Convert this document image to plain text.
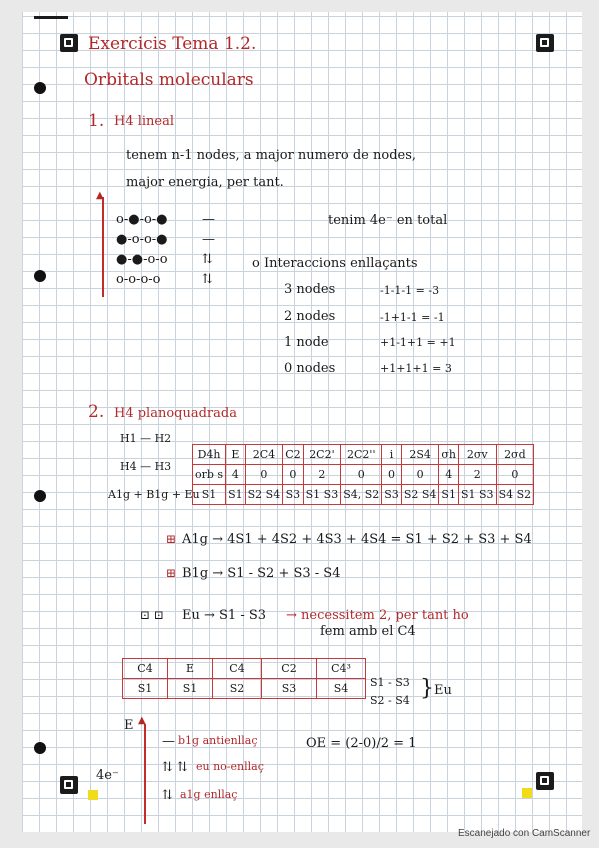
Exercicis Tema 1.2.
Orbitals moleculars
1. H4 lineal
tenem n-1 nodes, a major numero de nodes,
major energia, per tant.
▲
o-●-o-●
●-o-o-●
●-●-o-o
o-o-o-o
—
—
⇅
⇅
tenim 4e⁻ en total
o Interaccions enllaçants
3 nodes	-1-1-1 = -3
2 nodes	-1+1-1 = -1
1 node	+1-1+1 = +1
0 nodes	+1+1+1 = 3
2. H4 planoquadrada
H1 — H2
H4 — H3
A1g + B1g + Eu
D4h	E	2C4	C2	2C2'	2C2''	i	2S4	σh	2σv	2σd
orb s	4	0	0	2	0	0	0	4	2	0
S1	S1	S2 S4	S3	S1 S3	S4, S2	S3	S2 S4	S1	S1 S3	S4 S2
⊞ A1g → 4S1 + 4S2 + 4S3 + 4S4 = S1 + S2 + S3 + S4
⊞ B1g → S1 - S2 + S3 - S4
⊡ ⊡ Eu → S1 - S3 → necessitem 2, per tant ho
fem amb el C4
C4	E	C4	C2	C4³
S1	S1	S2	S3	S4 S1 - S3
S2 - S4 } Eu
E ▲
4e⁻
— b1g antienllaç
⇅ ⇅ eu no-enllaç
⇅ a1g enllaç
OE = (2-0)/2 = 1
Escanejado con CamScanner
